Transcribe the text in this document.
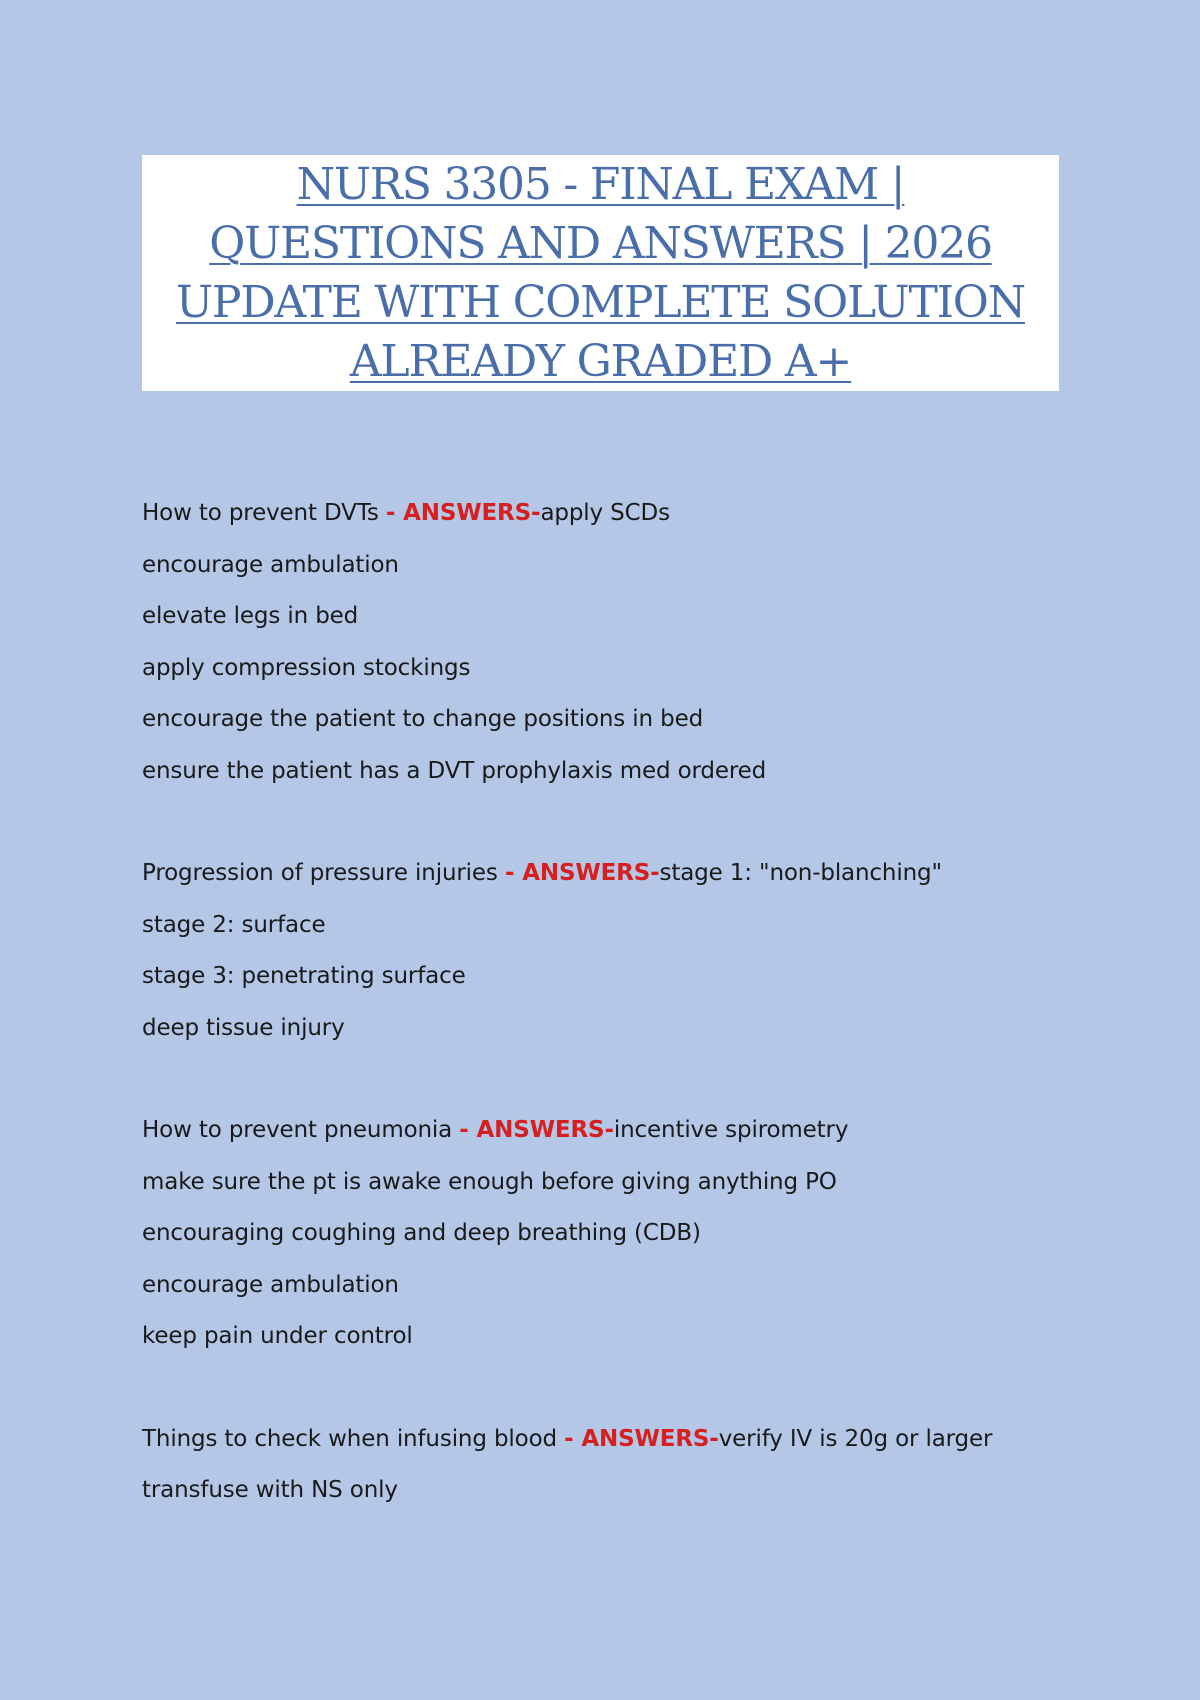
NURS 3305 - FINAL EXAM | QUESTIONS AND ANSWERS | 2026 UPDATE WITH COMPLETE SOLUTION ALREADY GRADED A+
How to prevent DVTs - ANSWERS-apply SCDs
encourage ambulation
elevate legs in bed
apply compression stockings
encourage the patient to change positions in bed
ensure the patient has a DVT prophylaxis med ordered
Progression of pressure injuries - ANSWERS-stage 1: "non-blanching"
stage 2: surface
stage 3: penetrating surface
deep tissue injury
How to prevent pneumonia - ANSWERS-incentive spirometry
make sure the pt is awake enough before giving anything PO
encouraging coughing and deep breathing (CDB)
encourage ambulation
keep pain under control
Things to check when infusing blood - ANSWERS-verify IV is 20g or larger
transfuse with NS only
